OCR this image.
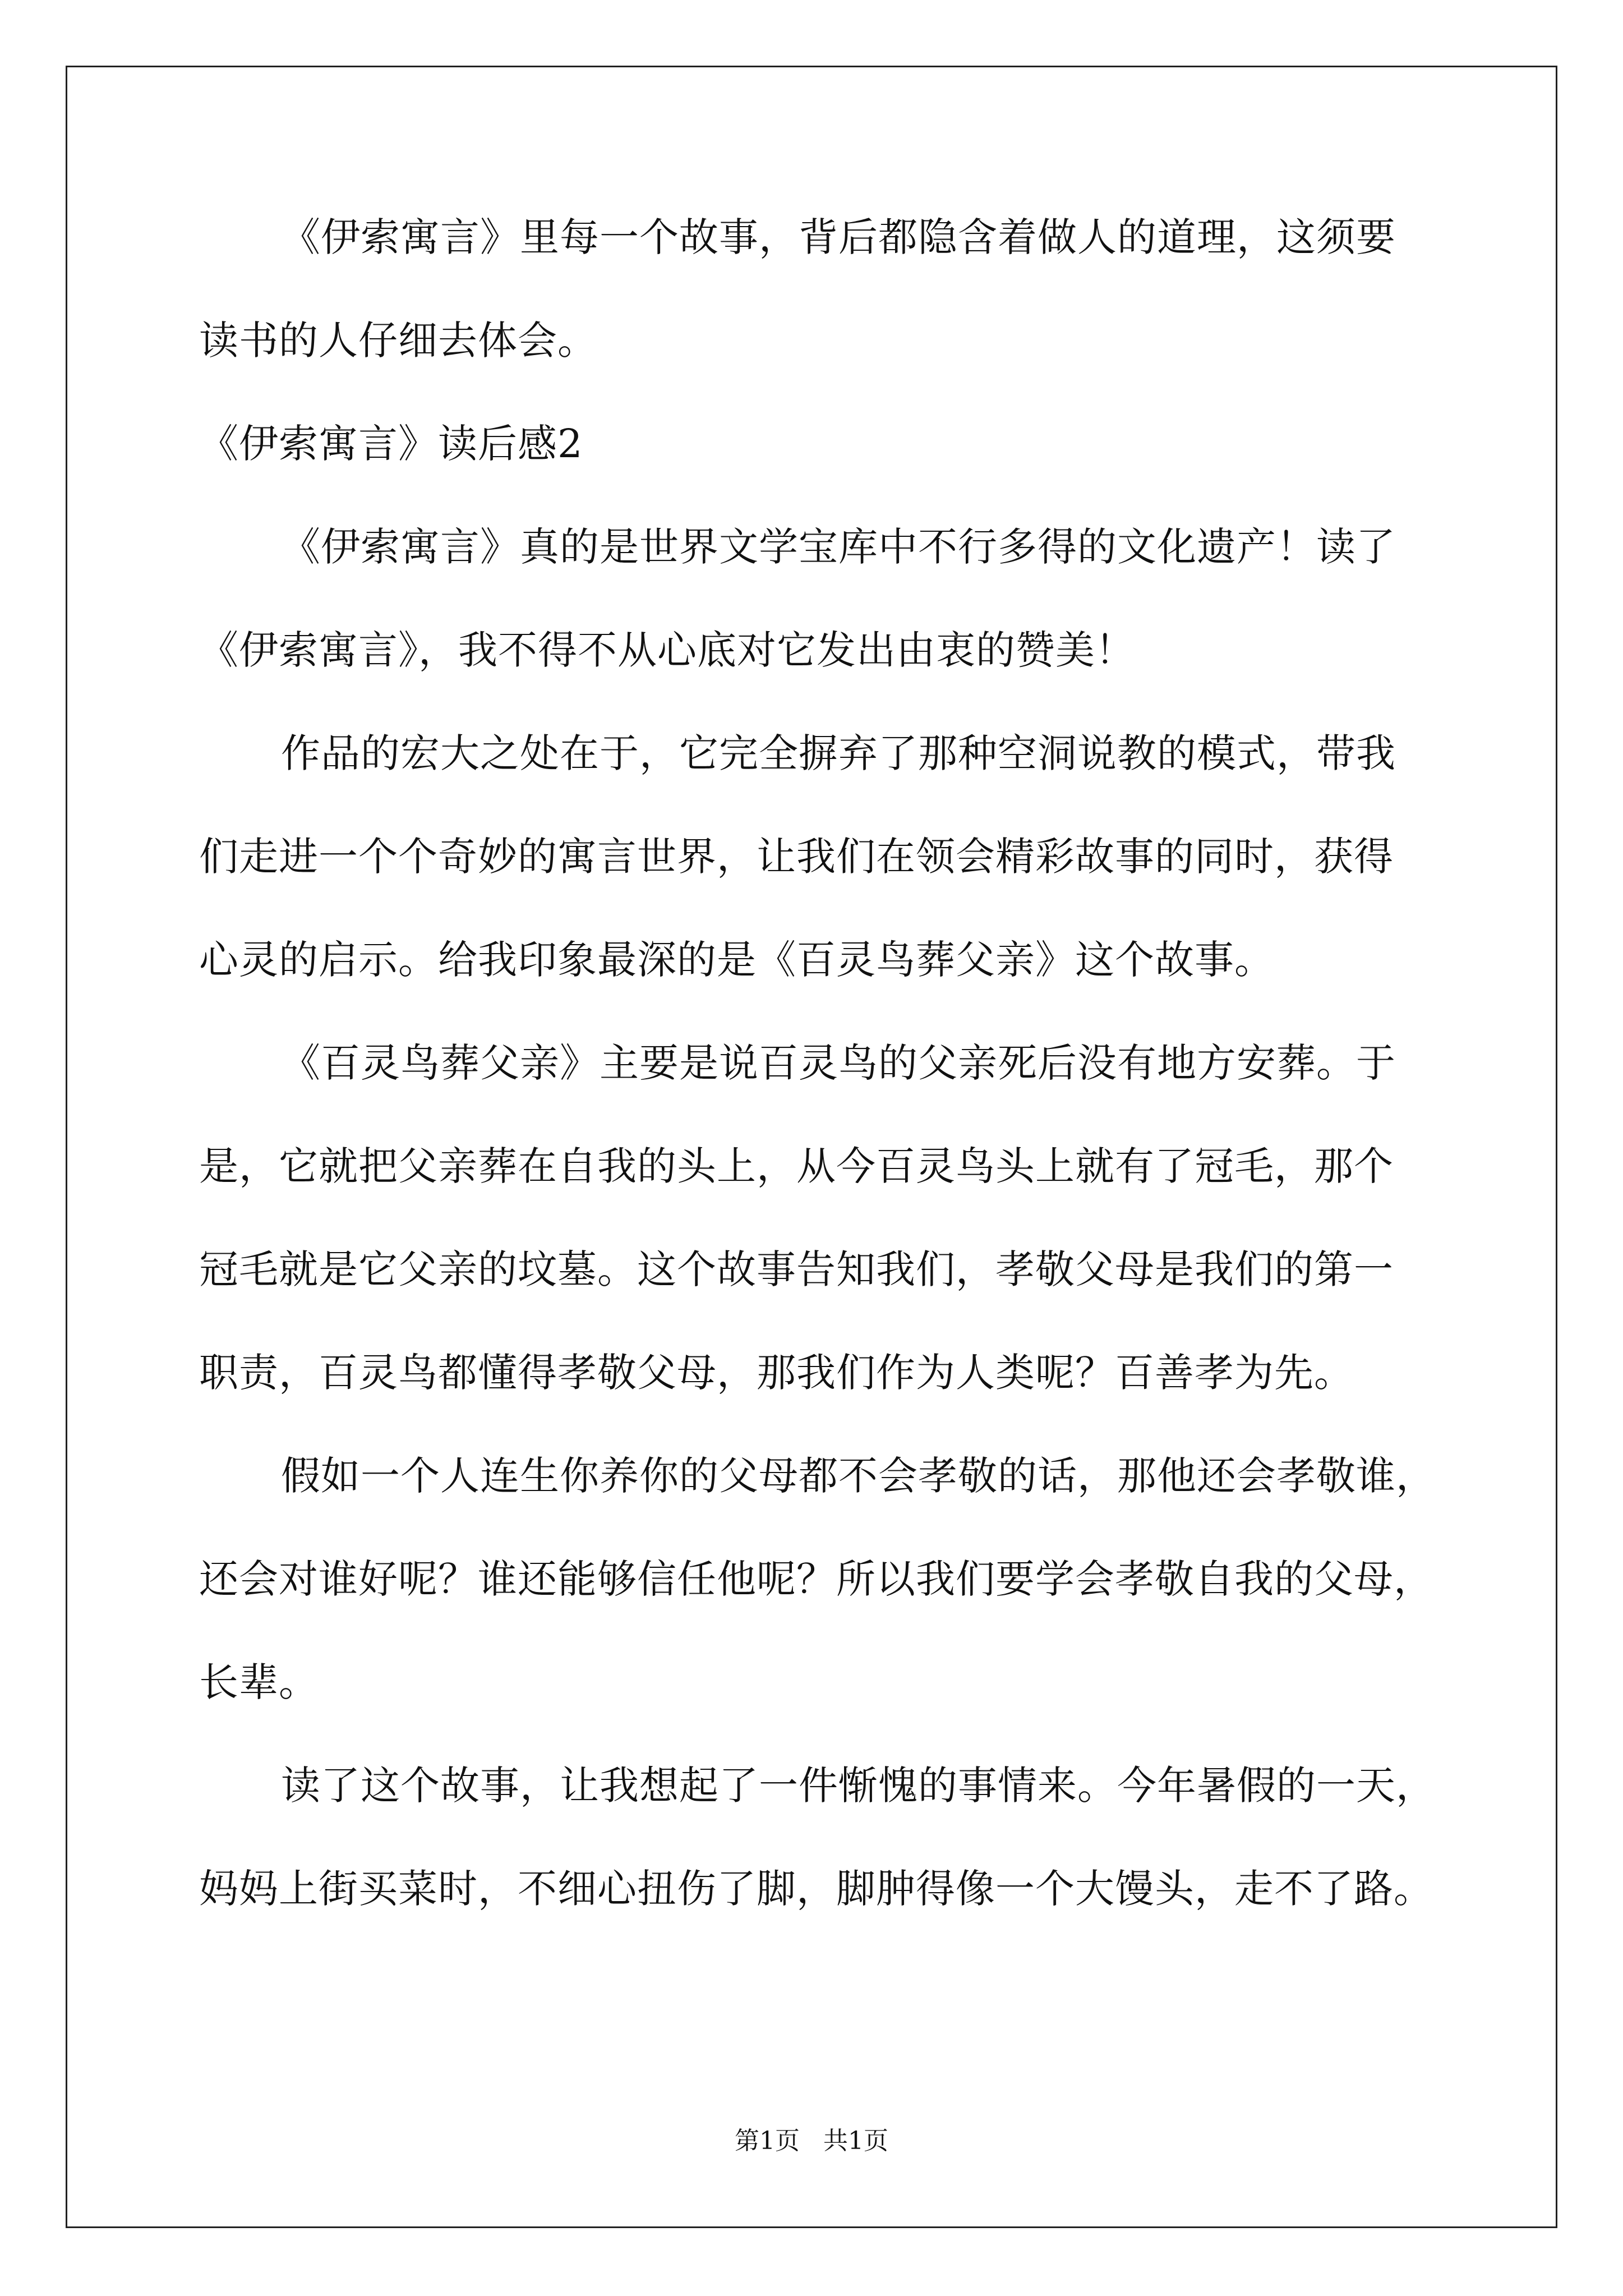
《伊索寓言》里每一个故事，背后都隐含着做人的道理，这须要

读书的人仔细去体会。

《伊索寓言》读后感2

《伊索寓言》真的是世界文学宝库中不行多得的文化遗产！读了

《伊索寓言》，我不得不从心底对它发出由衷的赞美！

作品的宏大之处在于，它完全摒弃了那种空洞说教的模式，带我

们走进一个个奇妙的寓言世界，让我们在领会精彩故事的同时，获得

心灵的启示。给我印象最深的是《百灵鸟葬父亲》这个故事。

《百灵鸟葬父亲》主要是说百灵鸟的父亲死后没有地方安葬。于

是，它就把父亲葬在自我的头上，从今百灵鸟头上就有了冠毛，那个

冠毛就是它父亲的坟墓。这个故事告知我们，孝敬父母是我们的第一

职责，百灵鸟都懂得孝敬父母，那我们作为人类呢？百善孝为先。

假如一个人连生你养你的父母都不会孝敬的话，那他还会孝敬谁，

还会对谁好呢？谁还能够信任他呢？所以我们要学会孝敬自我的父母，

长辈。

读了这个故事，让我想起了一件惭愧的事情来。今年暑假的一天，

妈妈上街买菜时，不细心扭伤了脚，脚肿得像一个大馒头，走不了路。

第1页   共1页
